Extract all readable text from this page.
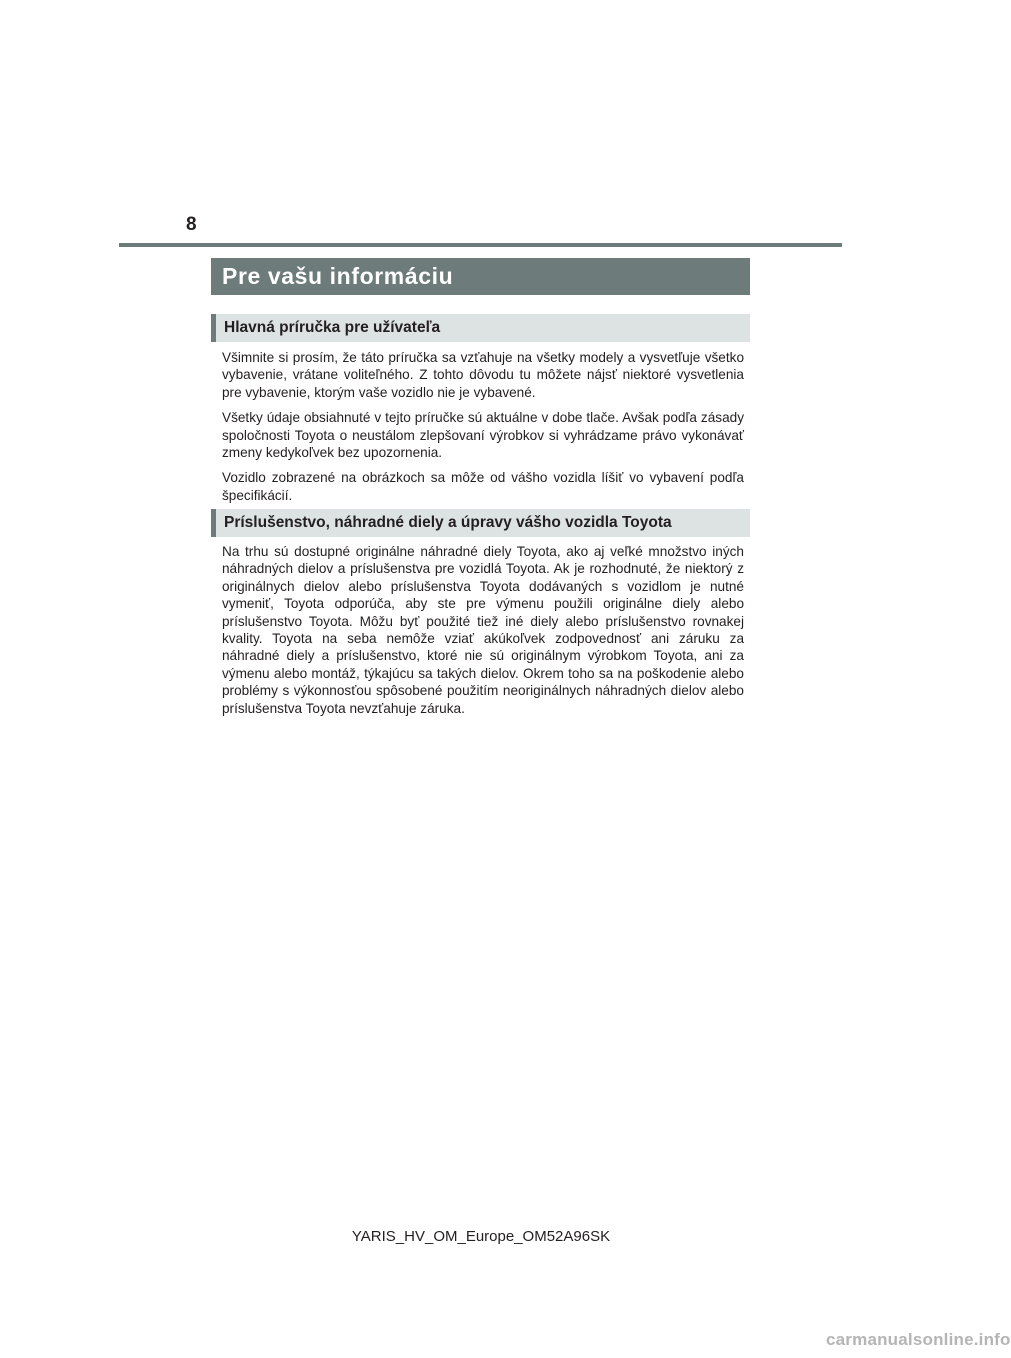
8
Pre vašu informáciu
Hlavná príručka pre užívateľa

Všimnite si prosím, že táto príručka sa vzťahuje na všetky modely a vysvetľuje všetko vybavenie, vrátane voliteľného. Z tohto dôvodu tu môžete nájsť niektoré vysvetlenia pre vybavenie, ktorým vaše vozidlo nie je vybavené.

Všetky údaje obsiahnuté v tejto príručke sú aktuálne v dobe tlače. Avšak podľa zásady spoločnosti Toyota o neustálom zlepšovaní výrobkov si vyhrádzame právo vykonávať zmeny kedykoľvek bez upozornenia.

Vozidlo zobrazené na obrázkoch sa môže od vášho vozidla líšiť vo vybavení podľa špecifikácií.

Príslušenstvo, náhradné diely a úpravy vášho vozidla Toyota

Na trhu sú dostupné originálne náhradné diely Toyota, ako aj veľké množstvo iných náhradných dielov a príslušenstva pre vozidlá Toyota. Ak je rozhodnuté, že niektorý z originálnych dielov alebo príslušenstva Toyota dodávaných s vozidlom je nutné vymeniť, Toyota odporúča, aby ste pre výmenu použili originálne diely alebo príslušenstvo Toyota. Môžu byť použité tiež iné diely alebo príslušenstvo rovnakej kvality. Toyota na seba nemôže vziať akúkoľvek zodpovednosť ani záruku za náhradné diely a príslušenstvo, ktoré nie sú originálnym výrobkom Toyota, ani za výmenu alebo montáž, týkajúcu sa takých dielov. Okrem toho sa na poškodenie alebo problémy s výkonnosťou spôsobené použitím neoriginálnych náhradných dielov alebo príslušenstva Toyota nevzťahuje záruka.

YARIS_HV_OM_Europe_OM52A96SK
carmanualsonline.info
